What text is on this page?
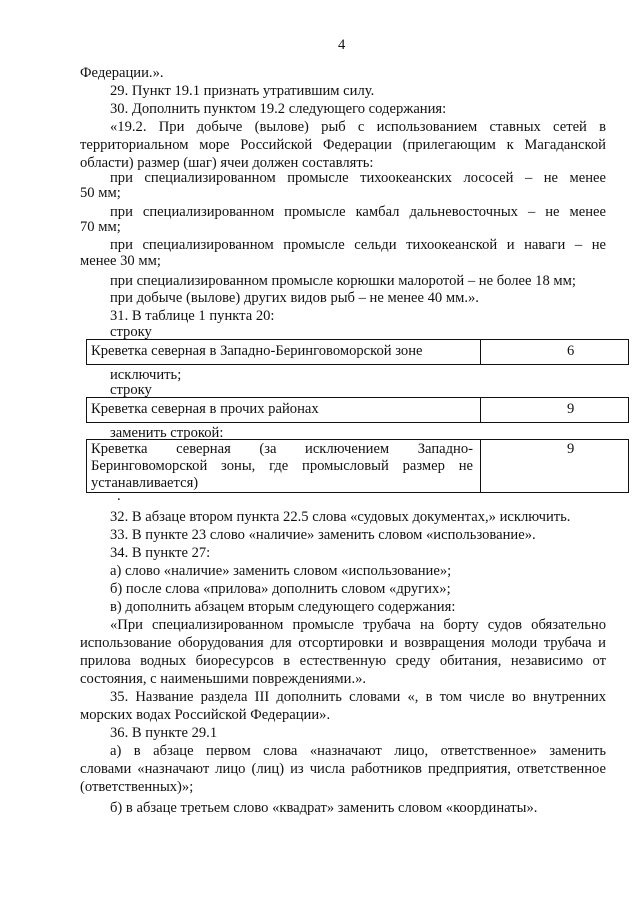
4
Федерации.».
29. Пункт 19.1 признать утратившим силу.
30. Дополнить пунктом 19.2 следующего содержания:
«19.2. При добыче (вылове) рыб с использованием ставных сетей в
территориальном море Российской Федерации (прилегающим к Магаданской
области) размер (шаг) ячеи должен составлять:
при специализированном промысле тихоокеанских лососей – не менее
50 мм;
при специализированном промысле камбал дальневосточных – не менее
70 мм;
при специализированном промысле сельди тихоокеанской и наваги – не
менее 30 мм;
при специализированном промысле корюшки малоротой – не более 18 мм;
при добыче (вылове) других видов рыб – не менее 40 мм.».
31. В таблице 1 пункта 20:
строку
Креветка северная в Западно-Беринговоморской зоне	6
исключить;
строку
Креветка северная в прочих районах	9
заменить строкой:
Креветка северная (за исключением Западно-
Беринговоморской зоны, где промысловый размер не
устанавливается)
9
.
32. В абзаце втором пункта 22.5 слова «судовых документах,» исключить.
33. В пункте 23 слово «наличие» заменить словом «использование».
34. В пункте 27:
а) слово «наличие» заменить словом «использование»;
б) после слова «прилова» дополнить словом «других»;
в) дополнить абзацем вторым следующего содержания:
«При специализированном промысле трубача на борту судов обязательно
использование оборудования для отсортировки и возвращения молоди трубача и
прилова водных биоресурсов в естественную среду обитания, независимо от
состояния, с наименьшими повреждениями.».
35. Название раздела III дополнить словами «, в том числе во внутренних
морских водах Российской Федерации».
36. В пункте 29.1
а) в абзаце первом слова «назначают лицо, ответственное» заменить
словами «назначают лицо (лиц) из числа работников предприятия, ответственное
(ответственных)»;
б) в абзаце третьем слово «квадрат» заменить словом «координаты».
